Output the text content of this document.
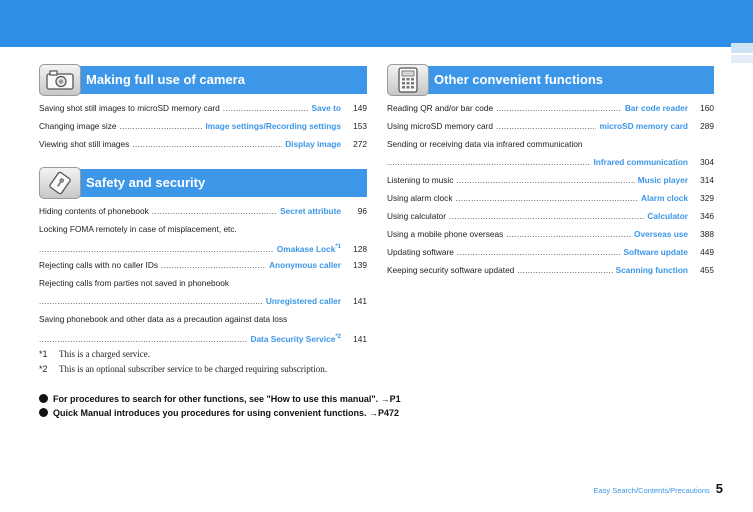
Making full use of camera
Saving shot still images to microSD memory card .....	Save to	149
Changing image size .....	Image settings/Recording settings	153
Viewing shot still images .....	Display image	272
Safety and security
Hiding contents of phonebook .....	Secret attribute	96
Locking FOMA remotely in case of misplacement, etc.
.....
Omakase Lock$^{*1}$	128
Rejecting calls with no caller IDs .....	Anonymous caller	139
Rejecting calls from parties not saved in phonebook
.....
Unregistered caller	141
Saving phonebook and other data as a precaution against data loss
.....
Data Security Service$^{*2}$	141
Other convenient functions
Reading QR and/or bar code .....	Bar code reader	160
Using microSD memory card .....	microSD memory card	289
Sending or receiving data via infrared communication
.....
Infrared communication	304
Listening to music .....	Music player	314
Using alarm clock .....	Alarm clock	329
Using calculator .....	Calculator	346
Using a mobile phone overseas .....	Overseas use	388
Updating software .....	Software update	449
Keeping security software updated .....	Scanning function	455
*1 This is a charged service.
*2 This is an optional subscriber service to be charged requiring subscription.
For procedures to search for other functions, see "How to use this manual". →P1
Quick Manual introduces you procedures for using convenient functions. →P472
Easy Search/Contents/Precautions 5
